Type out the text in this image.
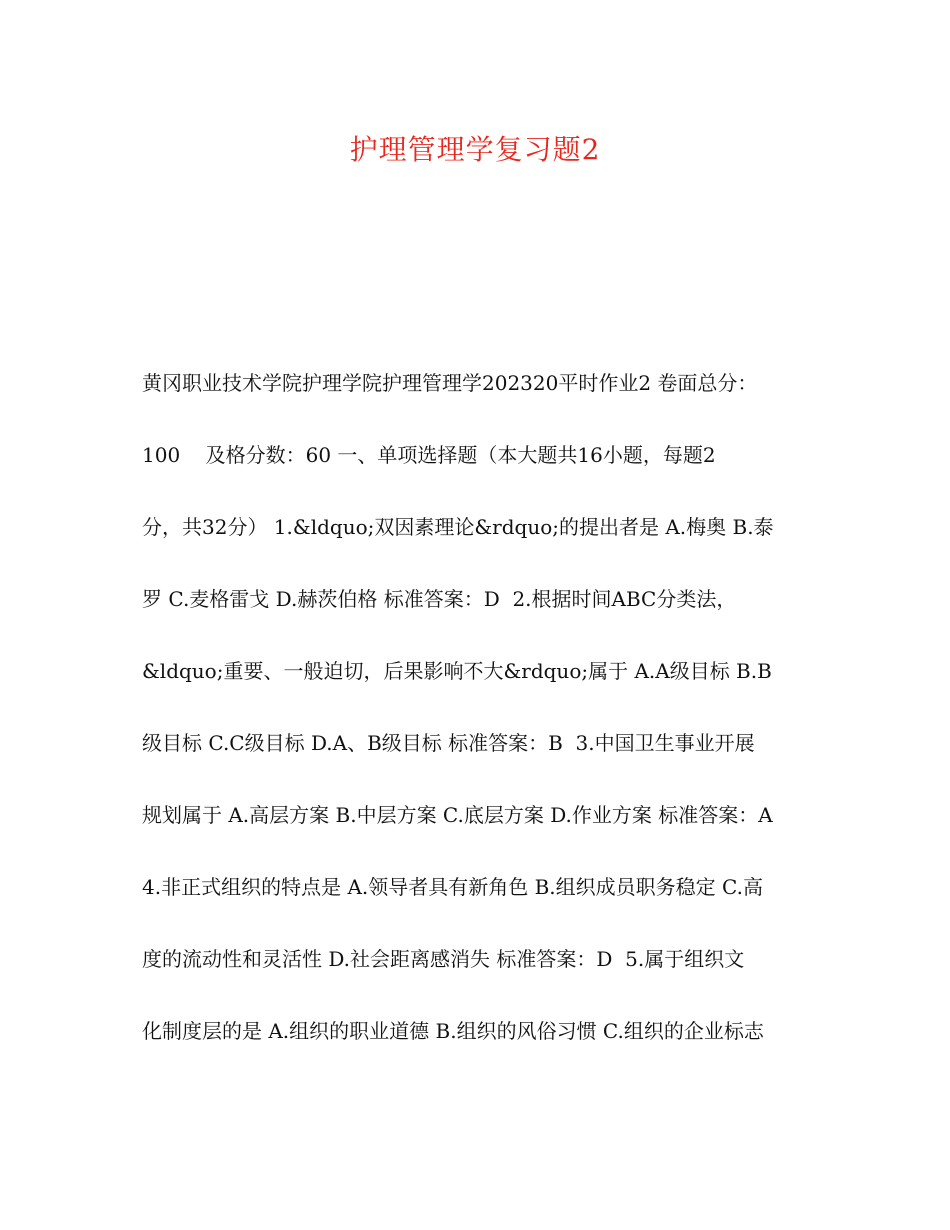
护理管理学复习题2
黄冈职业技术学院护理学院护理管理学202320平时作业2 卷面总分：
100    及格分数：60 一、单项选择题（本大题共16小题，每题2
分，共32分） 1.&ldquo;双因素理论&rdquo;的提出者是 A.梅奥 B.泰
罗 C.麦格雷戈 D.赫茨伯格 标准答案：D  2.根据时间ABC分类法，
&ldquo;重要、一般迫切，后果影响不大&rdquo;属于 A.A级目标 B.B
级目标 C.C级目标 D.A、B级目标 标准答案：B  3.中国卫生事业开展
规划属于 A.高层方案 B.中层方案 C.底层方案 D.作业方案 标准答案：A
4.非正式组织的特点是 A.领导者具有新角色 B.组织成员职务稳定 C.高
度的流动性和灵活性 D.社会距离感消失 标准答案：D  5.属于组织文
化制度层的是 A.组织的职业道德 B.组织的风俗习惯 C.组织的企业标志
